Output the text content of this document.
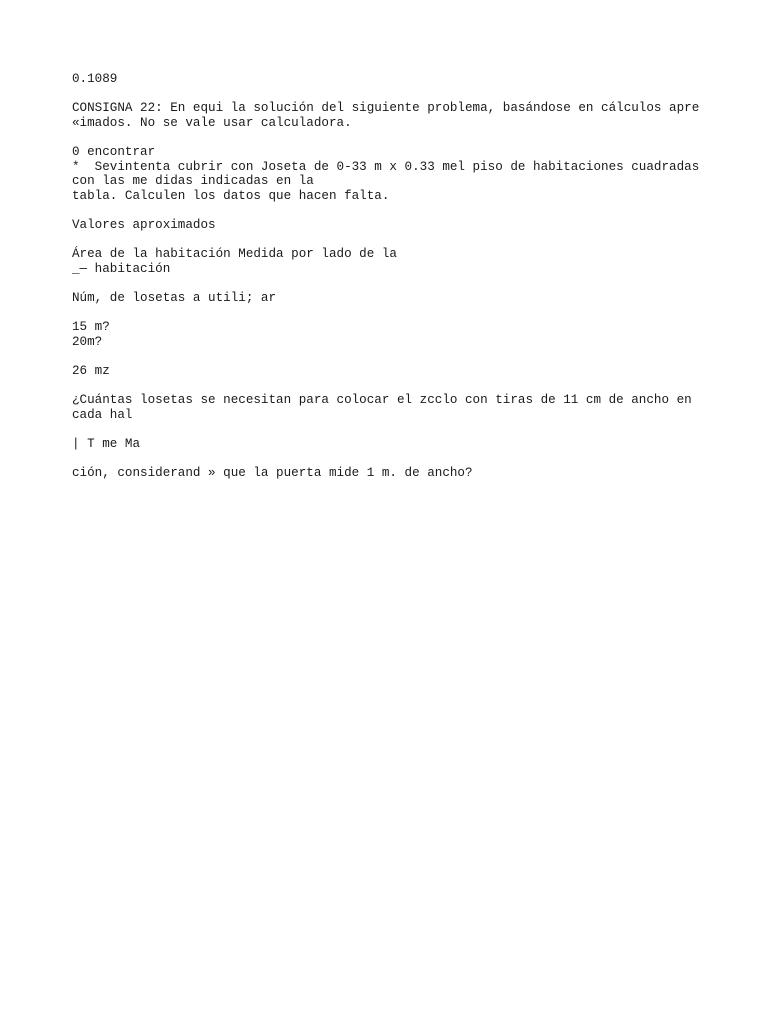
0.1089
CONSIGNA 22: En equi la solución del siguiente problema, basándose en cálculos apre
«imados. No se vale usar calculadora.
0 encontrar
*  Sevintenta cubrir con Joseta de 0-33 m x 0.33 mel piso de habitaciones cuadradas
con las me didas indicadas en la
tabla. Calculen los datos que hacen falta.
Valores aproximados
Área de la habitación Medida por lado de la
_— habitación
Núm, de losetas a utili; ar
15 m?
20m?
26 mz
¿Cuántas losetas se necesitan para colocar el zcclo con tiras de 11 cm de ancho en
cada hal
| T me Ma
ción, considerand » que la puerta mide 1 m. de ancho?
